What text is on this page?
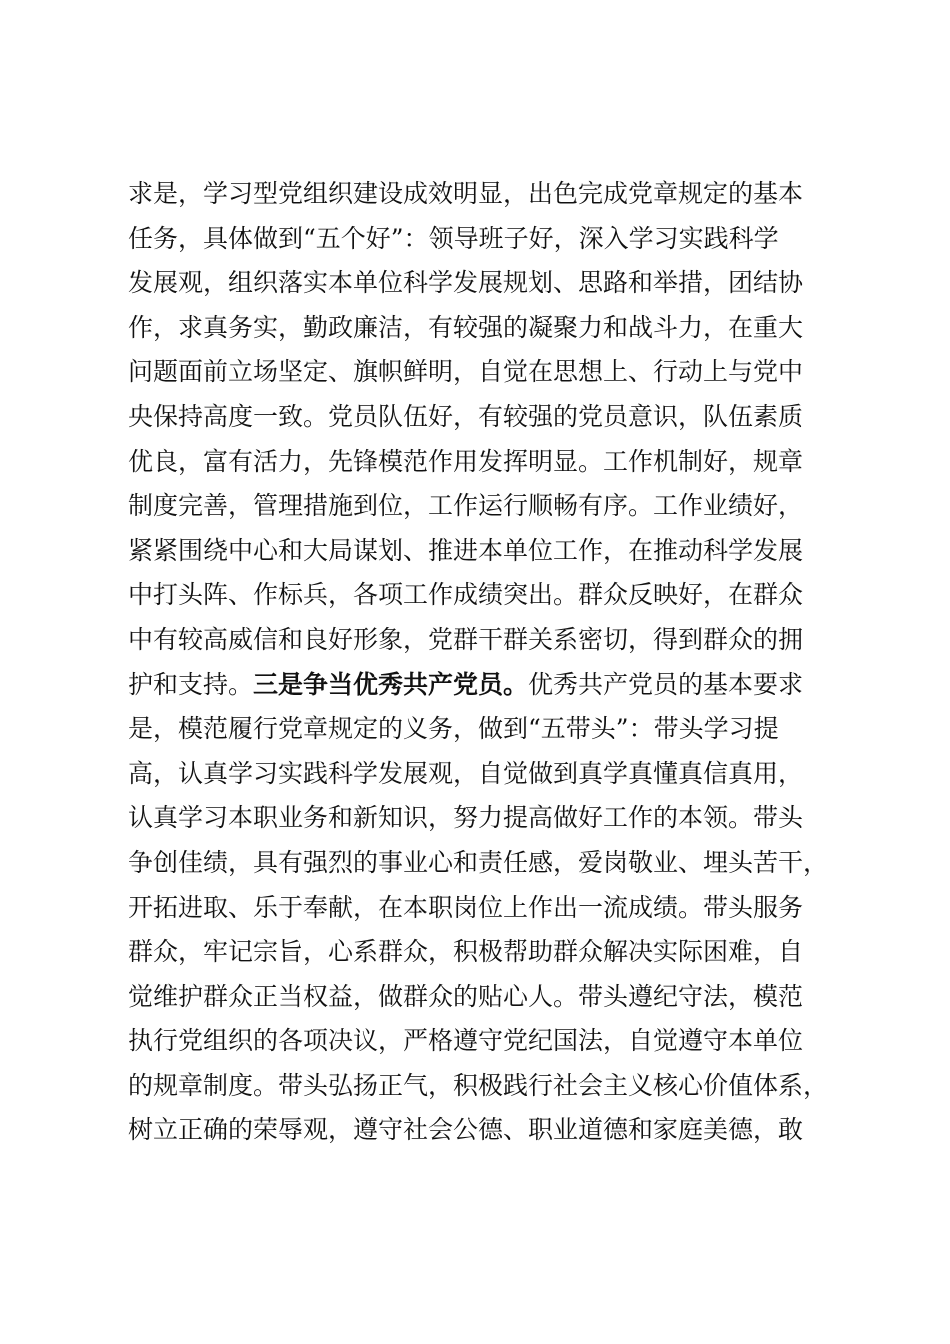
求是，学习型党组织建设成效明显，出色完成党章规定的基本
任务，具体做到“五个好”：领导班子好，深入学习实践科学
发展观，组织落实本单位科学发展规划、思路和举措，团结协
作，求真务实，勤政廉洁，有较强的凝聚力和战斗力，在重大
问题面前立场坚定、旗帜鲜明，自觉在思想上、行动上与党中
央保持高度一致。党员队伍好，有较强的党员意识，队伍素质
优良，富有活力，先锋模范作用发挥明显。工作机制好，规章
制度完善，管理措施到位，工作运行顺畅有序。工作业绩好，
紧紧围绕中心和大局谋划、推进本单位工作，在推动科学发展
中打头阵、作标兵，各项工作成绩突出。群众反映好，在群众
中有较高威信和良好形象，党群干群关系密切，得到群众的拥
护和支持。三是争当优秀共产党员。优秀共产党员的基本要求
是，模范履行党章规定的义务，做到“五带头”：带头学习提
高，认真学习实践科学发展观，自觉做到真学真懂真信真用，
认真学习本职业务和新知识，努力提高做好工作的本领。带头
争创佳绩，具有强烈的事业心和责任感，爱岗敬业、埋头苦干，
开拓进取、乐于奉献，在本职岗位上作出一流成绩。带头服务
群众，牢记宗旨，心系群众，积极帮助群众解决实际困难，自
觉维护群众正当权益，做群众的贴心人。带头遵纪守法，模范
执行党组织的各项决议，严格遵守党纪国法，自觉遵守本单位
的规章制度。带头弘扬正气，积极践行社会主义核心价值体系，
树立正确的荣辱观，遵守社会公德、职业道德和家庭美德，敢
